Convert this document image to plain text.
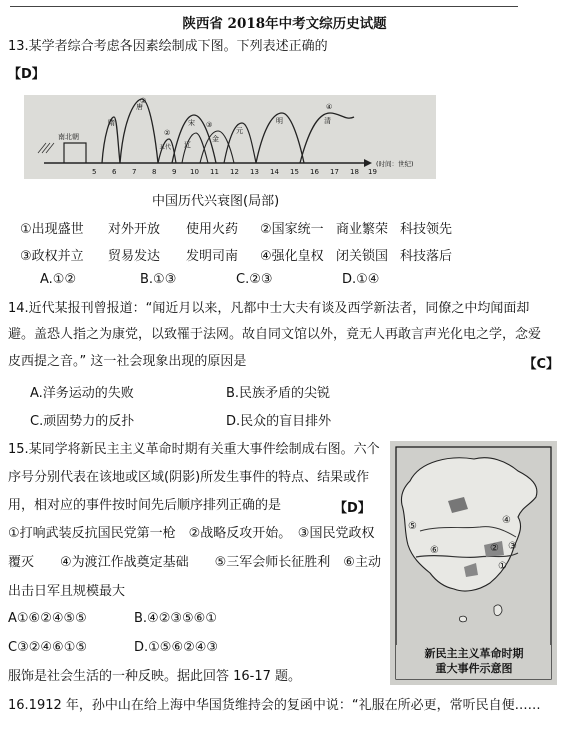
陕西省 2018年中考文综历史试题
13.某学者综合考虑各因素绘制成下图。下列表述正确的
【D】
南北朝
隋
唐
五代
宋
辽
金
元
明	清
①
②
③
④
5 6 7 8 9 10 11 12 13 14 15 16 17 18 19
(时间：世纪)
中国历代兴衰图(局部)
①出现盛世 对外开放 使用火药 ②国家统一 商业繁荣 科技领先
③政权并立 贸易发达 发明司南 ④强化皇权 闭关锁国 科技落后
A.①②	B.①③	C.②③	D.①④
14.近代某报刊曾报道：“闻近月以来，凡都中士大夫有谈及西学新法者，同僚之中均闻面却
避。盖恐人指之为康党，以致罹于法网。故自同文馆以外，竟无人再敢言声光化电之学，念爱
皮西提之音。” 这一社会现象出现的原因是	【C】
A.洋务运动的失败	B.民族矛盾的尖锐
C.顽固势力的反扑	D.民众的盲目排外
15.某同学将新民主主义革命时期有关重大事件绘制成右图。六个
序号分别代表在该地或区域(阴影)所发生事件的特点、结果或作
用，相对应的事件按时间先后顺序排列正确的是	【D】
①打响武装反抗国民党第一枪　②战略反攻开始。　③国民党政权
覆灭　　④为渡江作战奠定基础　　⑤三军会师长征胜利　⑥主动
出击日军且规模最大
A①⑥②④⑤⑤	B.④②③⑤⑥①
C③②④⑥①⑤	D.①⑤⑥②④③
⑤
⑥
④
② ③
①
新民主主义革命时期
重大事件示意图
服饰是社会生活的一种反映。据此回答 16-17 题。
16.1912 年，孙中山在给上海中华国货维持会的复函中说：“礼服在所必更，常听民自便……
